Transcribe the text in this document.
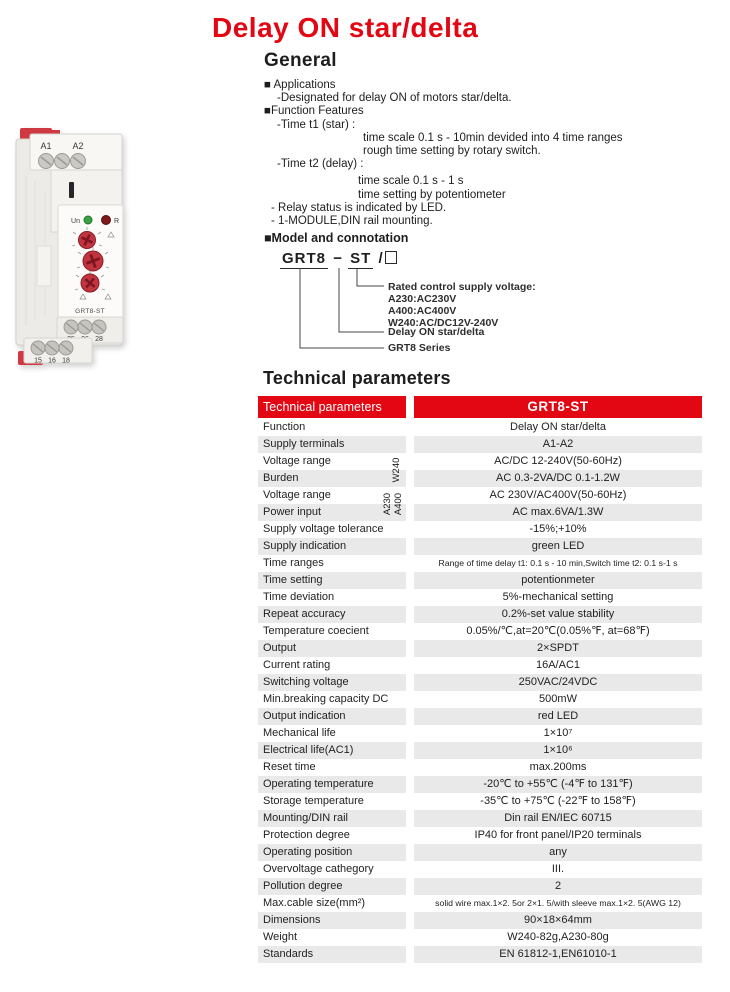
Delay ON star/delta
A1 A2
Un	R
GRT8-ST
28
15 16 18
General
■ Applications
-Designated for delay ON of motors star/delta.
■Function Features
-Time t1 (star) :
time scale 0.1 s - 10min devided into 4 time ranges
rough time setting by rotary switch.
-Time t2 (delay) :
time scale 0.1 s - 1 s
time setting by potentiometer
- Relay status is indicated by LED.
- 1-MODULE,DIN rail mounting.
■Model and connotation
GRT8 − ST /
Rated control supply voltage:
A230:AC230V
A400:AC400V
W240:AC/DC12V-240V
Delay ON star/delta
GRT8 Series
Technical parameters
Technical parameters	GRT8-ST
Function	Delay ON star/delta
Supply terminals	A1-A2
Voltage range	AC/DC 12-240V(50-60Hz)
Burden	AC 0.3-2VA/DC 0.1-1.2W
Voltage range	AC 230V/AC400V(50-60Hz)
Power input	AC max.6VA/1.3W
Supply voltage tolerance	-15%;+10%
Supply indication	green LED
Time ranges	Range of time delay t1: 0.1 s - 10 min,Switch time t2: 0.1 s-1 s
Time setting	potentionmeter
Time deviation	5%-mechanical setting
Repeat accuracy	0.2%-set value stability
Temperature coecient	0.05%/℃,at=20℃(0.05%℉, at=68℉)
Output	2×SPDT
Current rating	16A/AC1
Switching voltage	250VAC/24VDC
Min.breaking capacity DC	500mW
Output indication	red LED
Mechanical life	1×10⁷
Electrical life(AC1)	1×10⁶
Reset time	max.200ms
Operating temperature	-20℃ to +55℃ (-4℉ to 131℉)
Storage temperature	-35℃ to +75℃ (-22℉ to 158℉)
Mounting/DIN rail	Din rail EN/IEC 60715
Protection degree	IP40 for front panel/IP20 terminals
Operating position	any
Overvoltage cathegory	III.
Pollution degree	2
Max.cable size(mm²)	solid wire max.1×2. 5or 2×1. 5/with sleeve max.1×2. 5(AWG 12)
Dimensions	90×18×64mm
Weight	W240-82g,A230-80g
Standards	EN 61812-1,EN61010-1
W240
A230 A400
